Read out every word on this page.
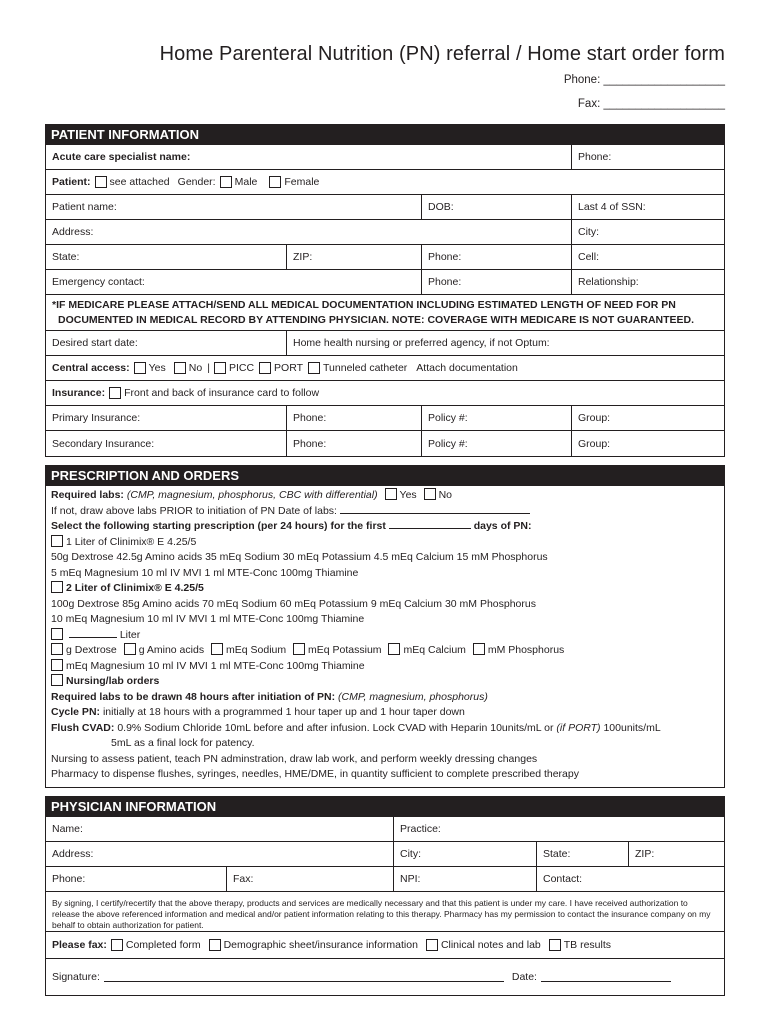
Home Parenteral Nutrition (PN) referral / Home start order form
Phone: ___________________
Fax: ___________________
PATIENT INFORMATION
Acute care specialist name:	Phone:
Patient: see attached Gender: Male	Female
Patient name:	DOB:	Last 4 of SSN:
Address:	City:
State:	ZIP:	Phone:	Cell:
Emergency contact:	Phone:	Relationship:
*IF MEDICARE PLEASE ATTACH/SEND ALL MEDICAL DOCUMENTATION INCLUDING ESTIMATED LENGTH OF NEED FOR PN
DOCUMENTED IN MEDICAL RECORD BY ATTENDING PHYSICIAN. NOTE: COVERAGE WITH MEDICARE IS NOT GUARANTEED.
Desired start date:	Home health nursing or preferred agency, if not Optum:
Central access: Yes No | PICC PORT Tunneled catheter Attach documentation
Insurance: Front and back of insurance card to follow
Primary Insurance:	Phone:	Policy #:	Group:
Secondary Insurance:	Phone:	Policy #:	Group:
PRESCRIPTION AND ORDERS
Required labs: (CMP, magnesium, phosphorus, CBC with differential) Yes No
If not, draw above labs PRIOR to initiation of PN Date of labs:
Select the following starting prescription (per 24 hours) for the first	days of PN:
1 Liter of Clinimix® E 4.25/5
50g Dextrose 42.5g Amino acids 35 mEq Sodium 30 mEq Potassium 4.5 mEq Calcium 15 mM Phosphorus
5 mEq Magnesium 10 ml IV MVI 1 ml MTE-Conc 100mg Thiamine
2 Liter of Clinimix® E 4.25/5
100g Dextrose 85g Amino acids 70 mEq Sodium 60 mEq Potassium 9 mEq Calcium 30 mM Phosphorus
10 mEq Magnesium 10 ml IV MVI 1 ml MTE-Conc 100mg Thiamine
Liter
g Dextrose g Amino acids mEq Sodium mEq Potassium mEq Calcium mM Phosphorus
mEq Magnesium 10 ml IV MVI 1 ml MTE-Conc 100mg Thiamine
Nursing/lab orders
Required labs to be drawn 48 hours after initiation of PN: (CMP, magnesium, phosphorus)
Cycle PN: initially at 18 hours with a programmed 1 hour taper up and 1 hour taper down
Flush CVAD: 0.9% Sodium Chloride 10mL before and after infusion. Lock CVAD with Heparin 10units/mL or (if PORT) 100units/mL
5mL as a final lock for patency.
Nursing to assess patient, teach PN adminstration, draw lab work, and perform weekly dressing changes
Pharmacy to dispense flushes, syringes, needles, HME/DME, in quantity sufficient to complete prescribed therapy
PHYSICIAN INFORMATION
Name:	Practice:
Address:	City:	State:	ZIP:
Phone:	Fax:	NPI:	Contact:
By signing, I certify/recertify that the above therapy, products and services are medically necessary and that this patient is under my care. I have received authorization to release the above referenced information and medical and/or patient information relating to this therapy. Pharmacy has my permission to contact the insurance company on my behalf to obtain authorization for patient.
Please fax: Completed form Demographic sheet/insurance information Clinical notes and lab TB results
Signature:	Date:
